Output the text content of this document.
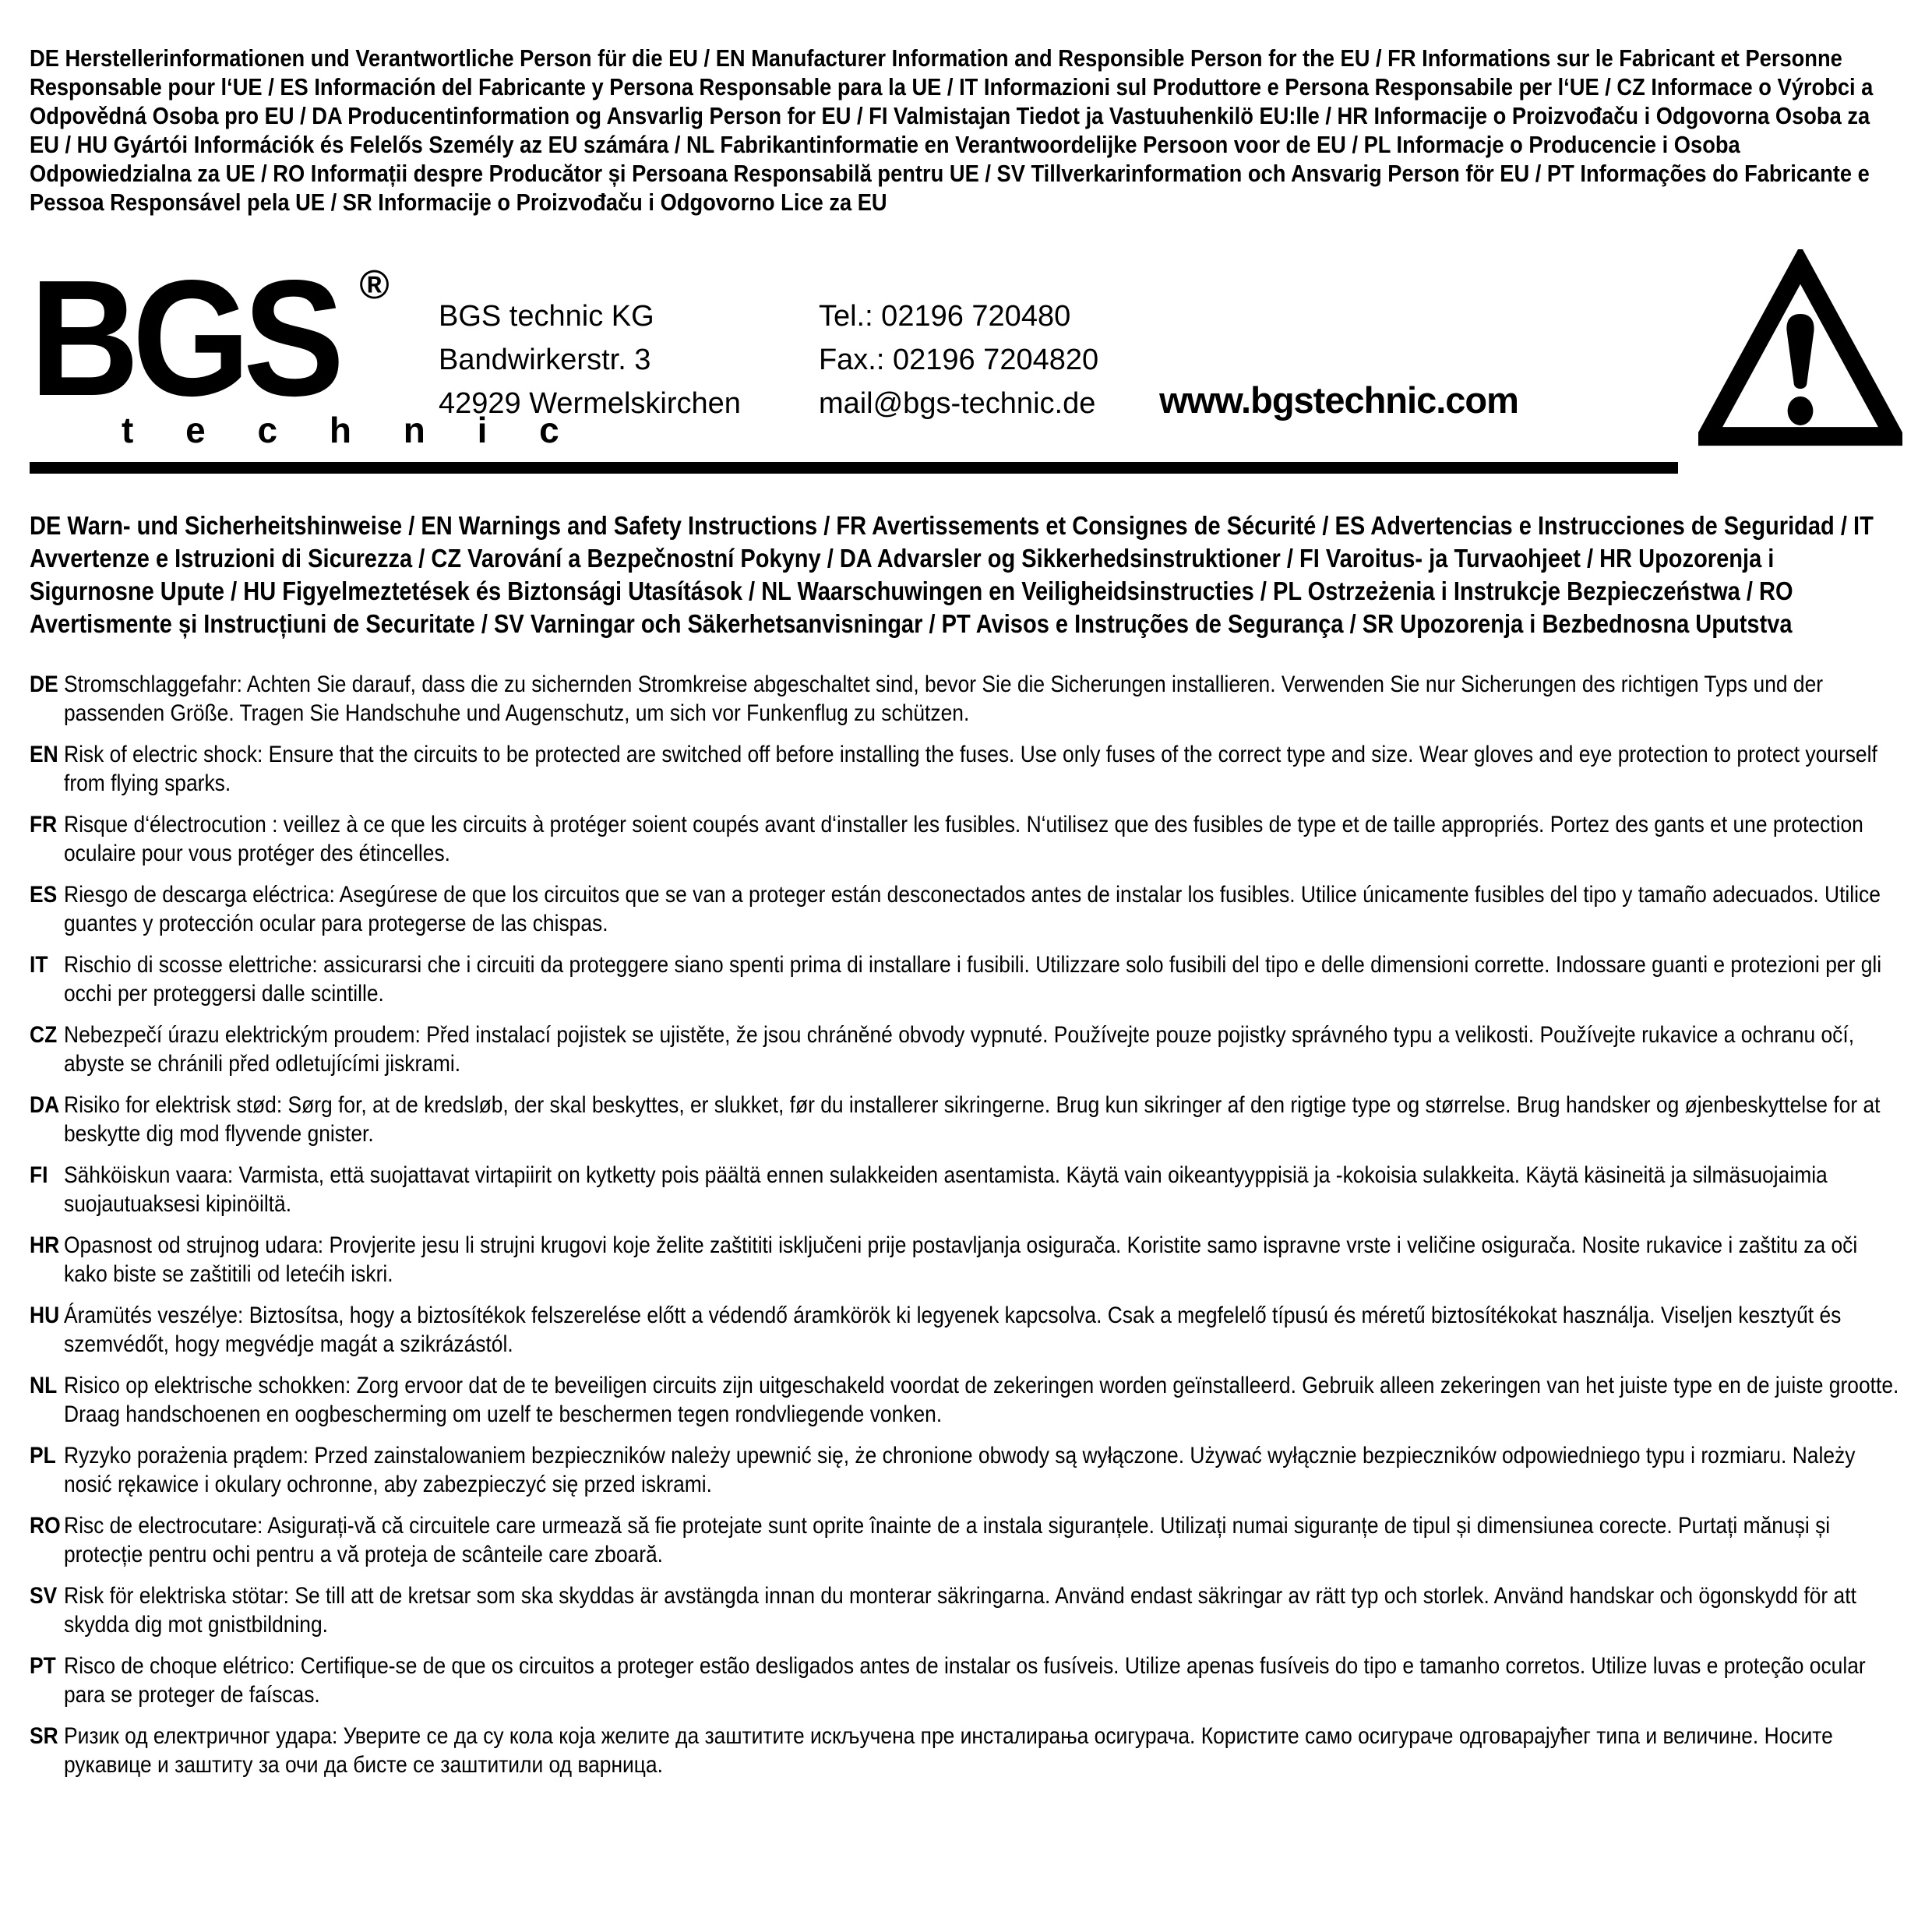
DE Herstellerinformationen und Verantwortliche Person für die EU / EN Manufacturer Information and Responsible Person for the EU / FR Informations sur le Fabricant et Personne Responsable pour l‘UE / ES Información del Fabricante y Persona Responsable para la UE / IT Informazioni sul Produttore e Persona Responsabile per l‘UE / CZ Informace o Výrobci a Odpovědná Osoba pro EU / DA Producentinformation og Ansvarlig Person for EU / FI Valmistajan Tiedot ja Vastuuhenkilö EU:lle / HR Informacije o Proizvođaču i Odgovorna Osoba za EU / HU Gyártói Információk és Felelős Személy az EU számára / NL Fabrikantinformatie en Verantwoordelijke Persoon voor de EU / PL Informacje o Producencie i Osoba Odpowiedzialna za UE / RO Informații despre Producător și Persoana Responsabilă pentru UE / SV Tillverkarinformation och Ansvarig Person för EU / PT Informações do Fabricante e Pessoa Responsável pela UE / SR Informacije o Proizvođaču i Odgovorno Lice za EU
BGS ®
t e c h n i c
BGS technic KG
Bandwirkerstr. 3
42929 Wermelskirchen
Tel.: 02196 720480
Fax.: 02196 7204820
mail@bgs-technic.de www.bgstechnic.com
DE Warn- und Sicherheitshinweise / EN Warnings and Safety Instructions / FR Avertissements et Consignes de Sécurité / ES Advertencias e Instrucciones de Seguridad / IT Avvertenze e Istruzioni di Sicurezza / CZ Varování a Bezpečnostní Pokyny / DA Advarsler og Sikkerhedsinstruktioner / FI Varoitus- ja Turvaohjeet / HR Upozorenja i Sigurnosne Upute / HU Figyelmeztetések és Biztonsági Utasítások / NL Waarschuwingen en Veiligheidsinstructies / PL Ostrzeżenia i Instrukcje Bezpieczeństwa / RO Avertismente și Instrucțiuni de Securitate / SV Varningar och Säkerhetsanvisningar / PT Avisos e Instruções de Segurança / SR Upozorenja i Bezbednosna Uputstva
DE Stromschlaggefahr: Achten Sie darauf, dass die zu sichernden Stromkreise abgeschaltet sind, bevor Sie die Sicherungen installieren. Verwenden Sie nur Sicherungen des richtigen Typs und der passenden Größe. Tragen Sie Handschuhe und Augenschutz, um sich vor Funkenflug zu schützen.
EN Risk of electric shock: Ensure that the circuits to be protected are switched off before installing the fuses. Use only fuses of the correct type and size. Wear gloves and eye protection to protect yourself from flying sparks.
FR Risque d‘électrocution : veillez à ce que les circuits à protéger soient coupés avant d‘installer les fusibles. N‘utilisez que des fusibles de type et de taille appropriés. Portez des gants et une protection oculaire pour vous protéger des étincelles.
ES Riesgo de descarga eléctrica: Asegúrese de que los circuitos que se van a proteger están desconectados antes de instalar los fusibles. Utilice únicamente fusibles del tipo y tamaño adecuados. Utilice guantes y protección ocular para protegerse de las chispas.
IT Rischio di scosse elettriche: assicurarsi che i circuiti da proteggere siano spenti prima di installare i fusibili. Utilizzare solo fusibili del tipo e delle dimensioni corrette. Indossare guanti e protezioni per gli occhi per proteggersi dalle scintille.
CZ Nebezpečí úrazu elektrickým proudem: Před instalací pojistek se ujistěte, že jsou chráněné obvody vypnuté. Používejte pouze pojistky správného typu a velikosti. Používejte rukavice a ochranu očí, abyste se chránili před odletujícími jiskrami.
DA Risiko for elektrisk stød: Sørg for, at de kredsløb, der skal beskyttes, er slukket, før du installerer sikringerne. Brug kun sikringer af den rigtige type og størrelse. Brug handsker og øjenbeskyttelse for at beskytte dig mod flyvende gnister.
FI Sähköiskun vaara: Varmista, että suojattavat virtapiirit on kytketty pois päältä ennen sulakkeiden asentamista. Käytä vain oikeantyyppisiä ja -kokoisia sulakkeita. Käytä käsineitä ja silmäsuojaimia suojautuaksesi kipinöiltä.
HR Opasnost od strujnog udara: Provjerite jesu li strujni krugovi koje želite zaštititi isključeni prije postavljanja osigurača. Koristite samo ispravne vrste i veličine osigurača. Nosite rukavice i zaštitu za oči kako biste se zaštitili od letećih iskri.
HU Áramütés veszélye: Biztosítsa, hogy a biztosítékok felszerelése előtt a védendő áramkörök ki legyenek kapcsolva. Csak a megfelelő típusú és méretű biztosítékokat használja. Viseljen kesztyűt és szemvédőt, hogy megvédje magát a szikrázástól.
NL Risico op elektrische schokken: Zorg ervoor dat de te beveiligen circuits zijn uitgeschakeld voordat de zekeringen worden geïnstalleerd. Gebruik alleen zekeringen van het juiste type en de juiste grootte. Draag handschoenen en oogbescherming om uzelf te beschermen tegen rondvliegende vonken.
PL Ryzyko porażenia prądem: Przed zainstalowaniem bezpieczników należy upewnić się, że chronione obwody są wyłączone. Używać wyłącznie bezpieczników odpowiedniego typu i rozmiaru. Należy nosić rękawice i okulary ochronne, aby zabezpieczyć się przed iskrami.
RO Risc de electrocutare: Asigurați-vă că circuitele care urmează să fie protejate sunt oprite înainte de a instala siguranțele. Utilizați numai siguranțe de tipul și dimensiunea corecte. Purtați mănuși și protecție pentru ochi pentru a vă proteja de scânteile care zboară.
SV Risk för elektriska stötar: Se till att de kretsar som ska skyddas är avstängda innan du monterar säkringarna. Använd endast säkringar av rätt typ och storlek. Använd handskar och ögonskydd för att skydda dig mot gnistbildning.
PT Risco de choque elétrico: Certifique-se de que os circuitos a proteger estão desligados antes de instalar os fusíveis. Utilize apenas fusíveis do tipo e tamanho corretos. Utilize luvas e proteção ocular para se proteger de faíscas.
SR Ризик од електричног удара: Уверите се да су кола која желите да заштитите искључена пре инсталирања осигурача. Користите само осигураче одговарајућег типа и величине. Носите рукавице и заштиту за очи да бисте се заштитили од варница.
